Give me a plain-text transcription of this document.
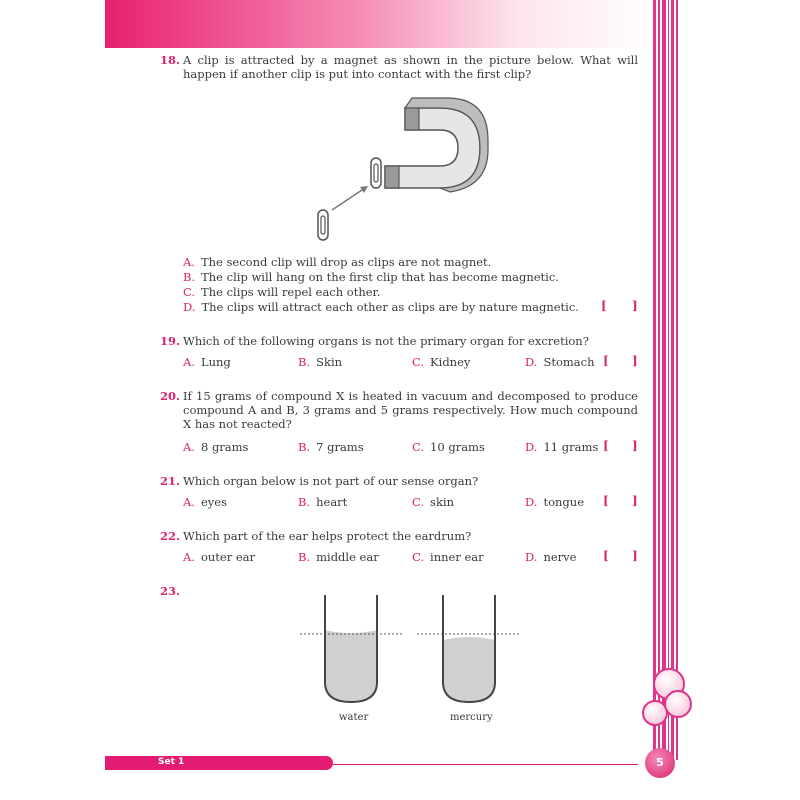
18. A clip is attracted by a magnet as shown in the picture below. What will happen if another clip is put into contact with the first clip?
A. The second clip will drop as clips are not magnet.
B. The clip will hang on the first clip that has become magnetic.
C. The clips will repel each other.
D. The clips will attract each other as clips are by nature magnetic. [ ]
19. Which of the following organs is not the primary organ for excretion?
A. Lung	B. Skin	C. Kidney	D. Stomach [ ]
20. If 15 grams of compound X is heated in vacuum and decomposed to produce compound A and B, 3 grams and 5 grams respectively. How much compound X has not reacted?
A. 8 grams	B. 7 grams	C. 10 grams	D. 11 grams [ ]
21. Which organ below is not part of our sense organ?
A. eyes	B. heart	C. skin	D. tongue [ ]
22. Which part of the ear helps protect the eardrum?
A. outer ear	B. middle ear	C. inner ear	D. nerve [ ]
23.
water	mercury
Set 1	5
